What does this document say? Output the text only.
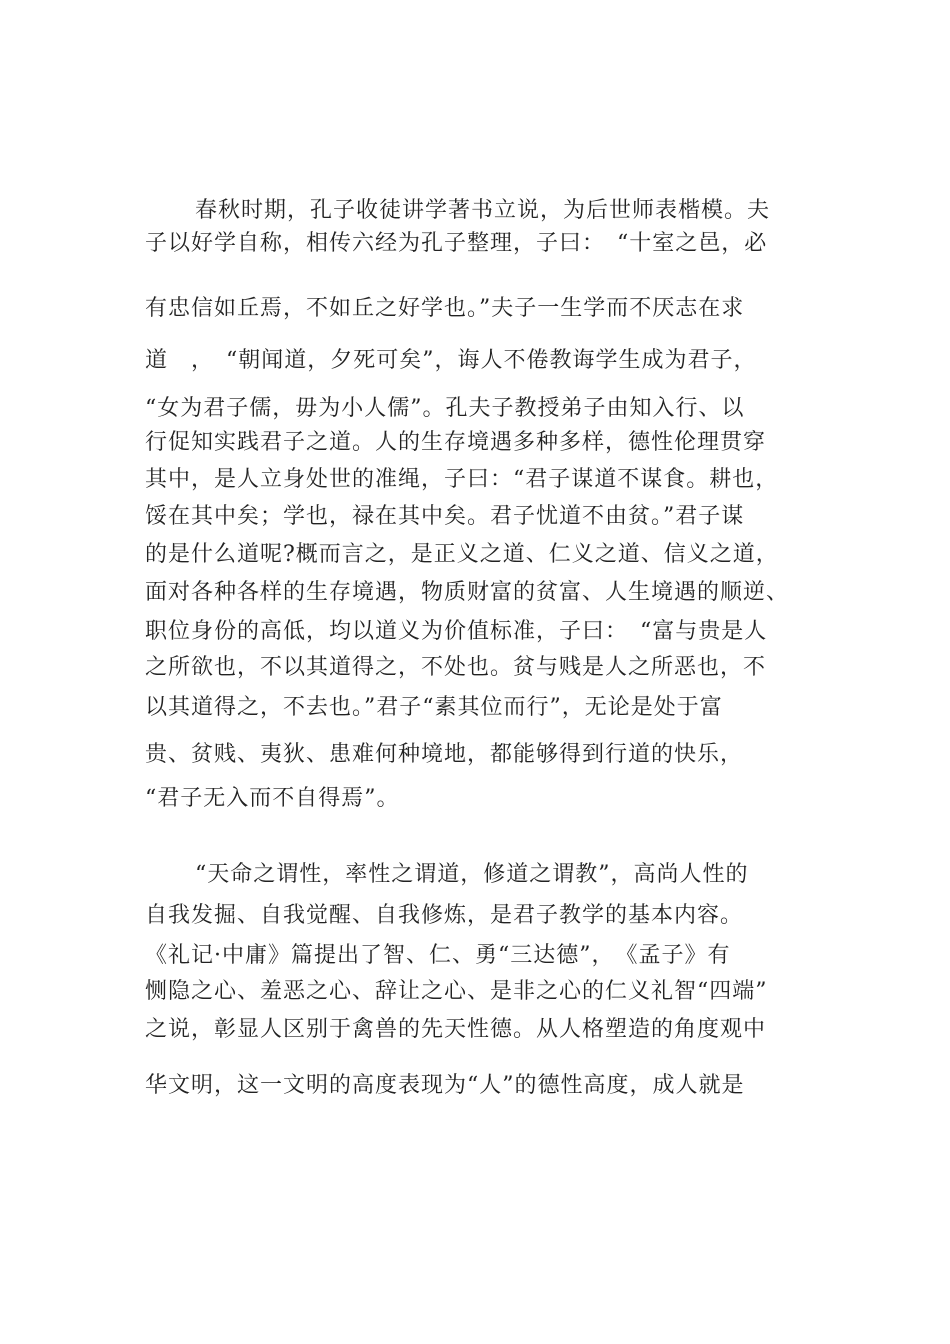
春秋时期，孔子收徒讲学著书立说，为后世师表楷模。夫
子以好学自称，相传六经为孔子整理，子曰：　“十室之邑，必
有忠信如丘焉，不如丘之好学也。”夫子一生学而不厌志在求
道　，　“朝闻道，夕死可矣”，诲人不倦教诲学生成为君子，
“女为君子儒，毋为小人儒”。孔夫子教授弟子由知入行、以
行促知实践君子之道。人的生存境遇多种多样，德性伦理贯穿
其中，是人立身处世的准绳，子曰：“君子谋道不谋食。耕也，
馁在其中矣；学也，禄在其中矣。君子忧道不由贫。”君子谋
的是什么道呢?概而言之，是正义之道、仁义之道、信义之道，
面对各种各样的生存境遇，物质财富的贫富、人生境遇的顺逆、
职位身份的高低，均以道义为价值标准，子曰：　“富与贵是人
之所欲也，不以其道得之，不处也。贫与贱是人之所恶也，不
以其道得之，不去也。”君子“素其位而行”，无论是处于富
贵、贫贱、夷狄、患难何种境地，都能够得到行道的快乐，
“君子无入而不自得焉”。
“天命之谓性，率性之谓道，修道之谓教”，高尚人性的
自我发掘、自我觉醒、自我修炼，是君子教学的基本内容。
《礼记·中庸》篇提出了智、仁、勇“三达德”，　《孟子》有
恻隐之心、羞恶之心、辞让之心、是非之心的仁义礼智“四端”
之说，彰显人区别于禽兽的先天性德。从人格塑造的角度观中
华文明，这一文明的高度表现为“人”的德性高度，成人就是
